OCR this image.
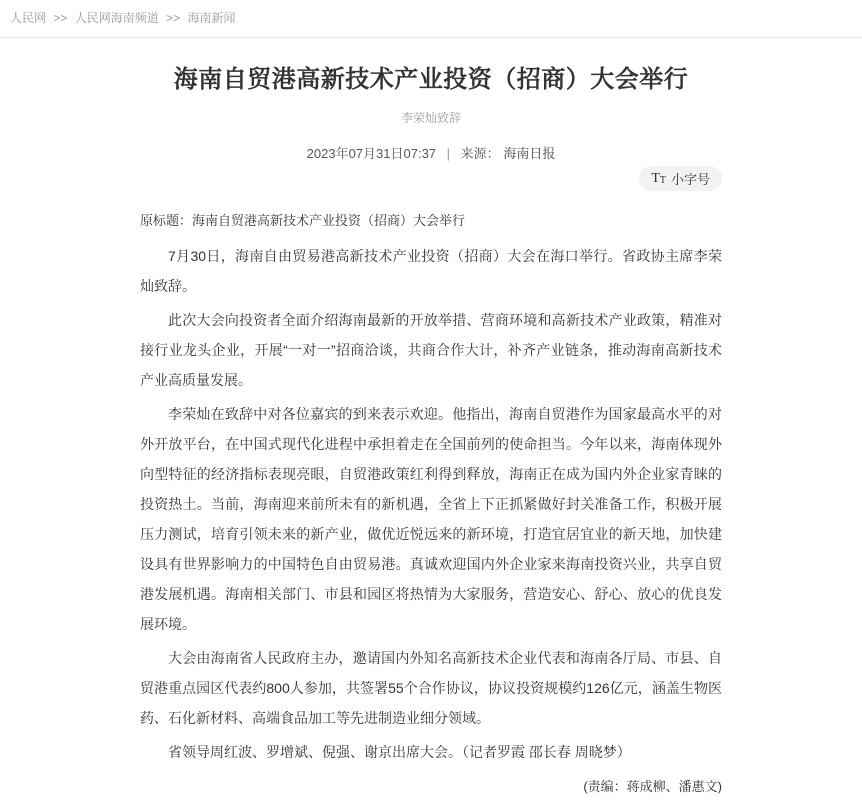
人民网 >> 人民网海南频道 >> 海南新闻
海南自贸港高新技术产业投资（招商）大会举行
李荣灿致辞
2023年07月31日07:37 | 来源： 海南日报
T T 小字号
原标题：海南自贸港高新技术产业投资（招商）大会举行

7月30日，海南自由贸易港高新技术产业投资（招商）大会在海口举行。省政协主席李荣灿致辞。

此次大会向投资者全面介绍海南最新的开放举措、营商环境和高新技术产业政策，精准对接行业龙头企业，开展“一对一”招商洽谈，共商合作大计，补齐产业链条，推动海南高新技术产业高质量发展。

李荣灿在致辞中对各位嘉宾的到来表示欢迎。他指出，海南自贸港作为国家最高水平的对外开放平台，在中国式现代化进程中承担着走在全国前列的使命担当。今年以来，海南体现外向型特征的经济指标表现亮眼，自贸港政策红利得到释放，海南正在成为国内外企业家青睐的投资热土。当前，海南迎来前所未有的新机遇，全省上下正抓紧做好封关准备工作，积极开展压力测试，培育引领未来的新产业，做优近悦远来的新环境，打造宜居宜业的新天地，加快建设具有世界影响力的中国特色自由贸易港。真诚欢迎国内外企业家来海南投资兴业，共享自贸港发展机遇。海南相关部门、市县和园区将热情为大家服务，营造安心、舒心、放心的优良发展环境。

大会由海南省人民政府主办，邀请国内外知名高新技术企业代表和海南各厅局、市县、自贸港重点园区代表约800人参加，共签署55个合作协议，协议投资规模约126亿元，涵盖生物医药、石化新材料、高端食品加工等先进制造业细分领域。

省领导周红波、罗增斌、倪强、谢京出席大会。（记者罗霞 邵长春 周晓梦）

(责编：蒋成柳、潘惠文)
